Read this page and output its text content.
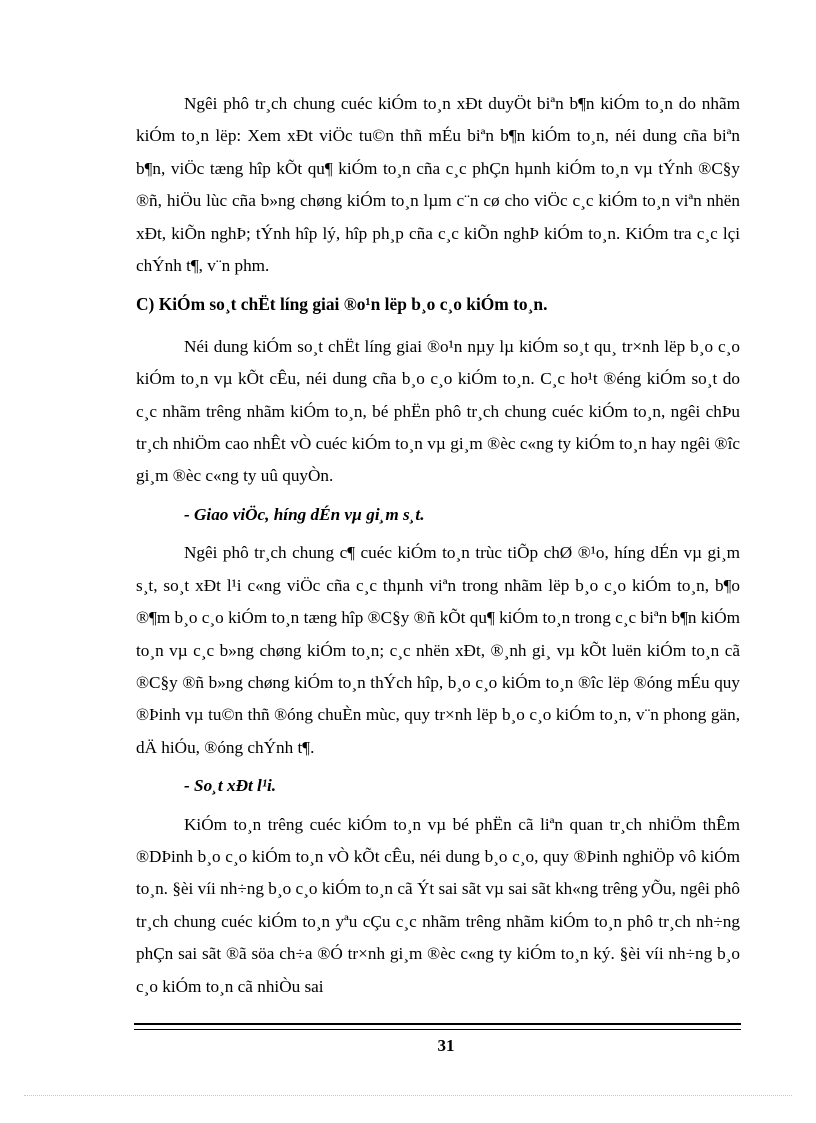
Ngêi phô tr¸ch chung cuéc kiÓm to¸n xÐt duyÖt biªn b¶n kiÓm to¸n do nhãm kiÓm to¸n lëp: Xem xÐt viÖc tu©n thñ mÉu biªn b¶n kiÓm to¸n, néi dung cña biªn b¶n, viÖc tæng hîp kÕt qu¶ kiÓm to¸n cña c¸c phÇn hµnh kiÓm to¸n vµ tÝnh ®C§y ®ñ, hiÖu lùc cña b»ng chøng kiÓm to¸n lµm c¨n cø cho viÖc c¸c kiÓm to¸n viªn nhën xÐt, kiÕn nghÞ; tÝnh hîp lý, hîp ph¸p cña c¸c kiÕn nghÞ kiÓm to¸n. KiÓm tra c¸c lçi chÝnh t¶, v¨n phm.

C) KiÓm so¸t chËt líng giai ®o¹n lëp b¸o c¸o kiÓm to¸n.

Néi dung kiÓm so¸t chËt líng giai ®o¹n nµy lµ kiÓm so¸t qu¸ tr×nh lëp b¸o c¸o kiÓm to¸n vµ kÕt cÊu, néi dung cña b¸o c¸o kiÓm to¸n. C¸c ho¹t ®éng kiÓm so¸t do c¸c nhãm trêng nhãm kiÓm to¸n, bé phËn phô tr¸ch chung cuéc kiÓm to¸n, ngêi chÞu tr¸ch nhiÖm cao nhÊt vÒ cuéc kiÓm to¸n vµ gi¸m ®èc c«ng ty kiÓm to¸n hay ngêi ®îc gi¸m ®èc c«ng ty uû quyÒn.

- Giao viÖc, híng dÉn vµ gi¸m s¸t.

Ngêi phô tr¸ch chung c¶ cuéc kiÓm to¸n trùc tiÕp chØ ®¹o, híng dÉn vµ gi¸m s¸t, so¸t xÐt l¹i c«ng viÖc cña c¸c thµnh viªn trong nhãm lëp b¸o c¸o kiÓm to¸n, b¶o ®¶m b¸o c¸o kiÓm to¸n tæng hîp ®C§y ®ñ kÕt qu¶ kiÓm to¸n trong c¸c biªn b¶n kiÓm to¸n vµ c¸c b»ng chøng kiÓm to¸n; c¸c nhën xÐt, ®¸nh gi¸ vµ kÕt luën kiÓm to¸n cã ®C§y ®ñ b»ng chøng kiÓm to¸n thÝch hîp, b¸o c¸o kiÓm to¸n ®îc lëp ®óng mÉu quy ®Þinh vµ tu©n thñ ®óng chuÈn mùc, quy tr×nh lëp b¸o c¸o kiÓm to¸n, v¨n phong gän, dÄ hiÓu, ®óng chÝnh t¶.

- So¸t xÐt l¹i.

KiÓm to¸n trêng cuéc kiÓm to¸n vµ bé phËn cã liªn quan tr¸ch nhiÖm thÊm ®DÞinh b¸o c¸o kiÓm to¸n vÒ kÕt cÊu, néi dung b¸o c¸o, quy ®Þinh nghiÖp vô kiÓm to¸n. §èi víi nh÷ng b¸o c¸o kiÓm to¸n cã Ýt sai sãt vµ sai sãt kh«ng trêng yÕu, ngêi phô tr¸ch chung cuéc kiÓm to¸n yªu cÇu c¸c nhãm trêng nhãm kiÓm to¸n phô tr¸ch nh÷ng phÇn sai sãt ®ã söa ch÷a ®Ó tr×nh gi¸m ®èc c«ng ty kiÓm to¸n ký. §èi víi nh÷ng b¸o c¸o kiÓm to¸n cã nhiÒu sai

31
